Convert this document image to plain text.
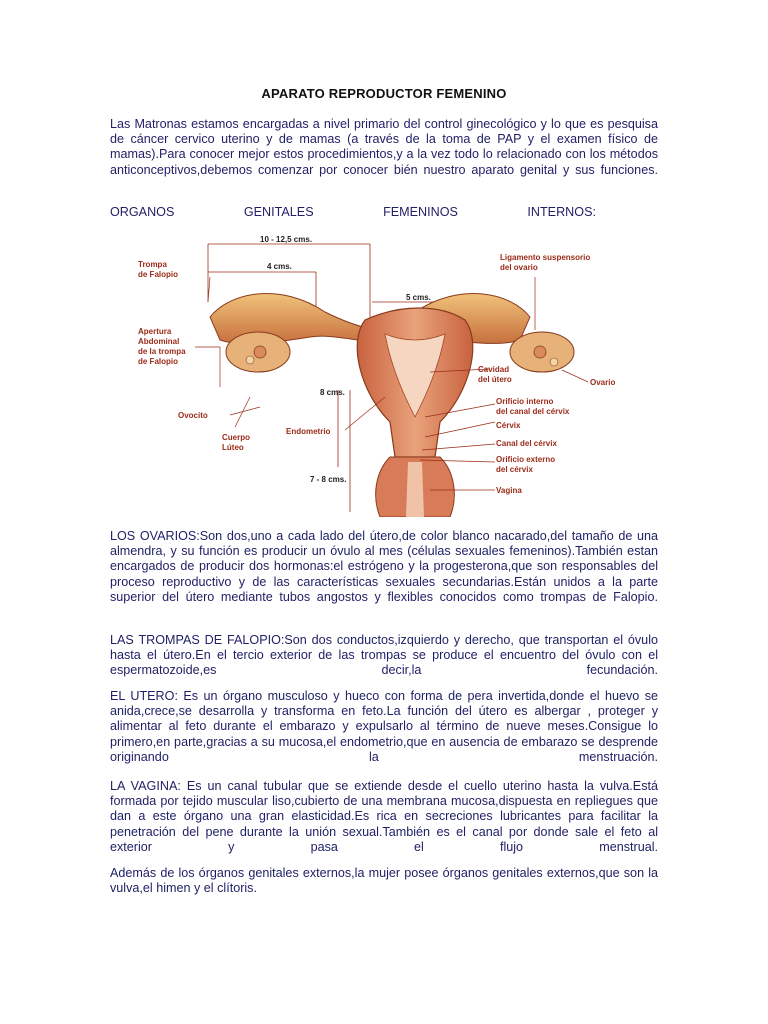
APARATO REPRODUCTOR FEMENINO
Las Matronas estamos encargadas a nivel primario del control ginecológico y lo que es pesquisa de cáncer cervico uterino y de mamas (a través de la toma de PAP y el examen físico de mamas).Para conocer mejor estos procedimientos,y a la vez todo lo relacionado con los métodos anticonceptivos,debemos comenzar por conocer bién nuestro aparato genital y sus funciones.
ORGANOS	GENITALES	FEMENINOS	INTERNOS:
10 - 12,5 cms.
4 cms.
5 cms.
8 cms.
7 - 8 cms.
Trompa de Falopio
Apertura Abdominal de la trompa de Falopio
Ovocito
Cuerpo Lúteo
Endometrio
Ligamento suspensorio del ovario
Cavidad del útero	Ovario
Orificio interno del canal del cérvix
Cérvix
Canal del cérvix
Orificio externo del cérvix
Vagina
LOS OVARIOS:Son dos,uno a cada lado del útero,de color blanco nacarado,del tamaño de una almendra, y su función es producir un óvulo al mes (células sexuales femeninos).También estan encargados de producir dos hormonas:el estrógeno y la progesterona,que son responsables del proceso reproductivo y de las características sexuales secundarias.Están unidos a la parte superior del útero mediante tubos angostos y flexibles conocidos como trompas de Falopio.
LAS TROMPAS DE FALOPIO:Son dos conductos,izquierdo y derecho, que transportan el óvulo hasta el útero.En el tercio exterior de las trompas se produce el encuentro del óvulo con el espermatozoide,es decir,la fecundación.
EL UTERO: Es un órgano musculoso y hueco con forma de pera invertida,donde el huevo se anida,crece,se desarrolla y transforma en feto.La función del útero es albergar , proteger y alimentar al feto durante el embarazo y expulsarlo al término de nueve meses.Consigue lo primero,en parte,gracias a su mucosa,el endometrio,que en ausencia de embarazo se desprende originando la menstruación.
LA VAGINA: Es un canal tubular que se extiende desde el cuello uterino hasta la vulva.Está formada por tejido muscular liso,cubierto de una membrana mucosa,dispuesta en repliegues que dan a este órgano una gran elasticidad.Es rica en secreciones lubricantes para facilitar la penetración del pene durante la unión sexual.También es el canal por donde sale el feto al exterior y pasa el flujo menstrual.
Además de los órganos genitales externos,la mujer posee órganos genitales externos,que son la vulva,el himen y el clítoris.
